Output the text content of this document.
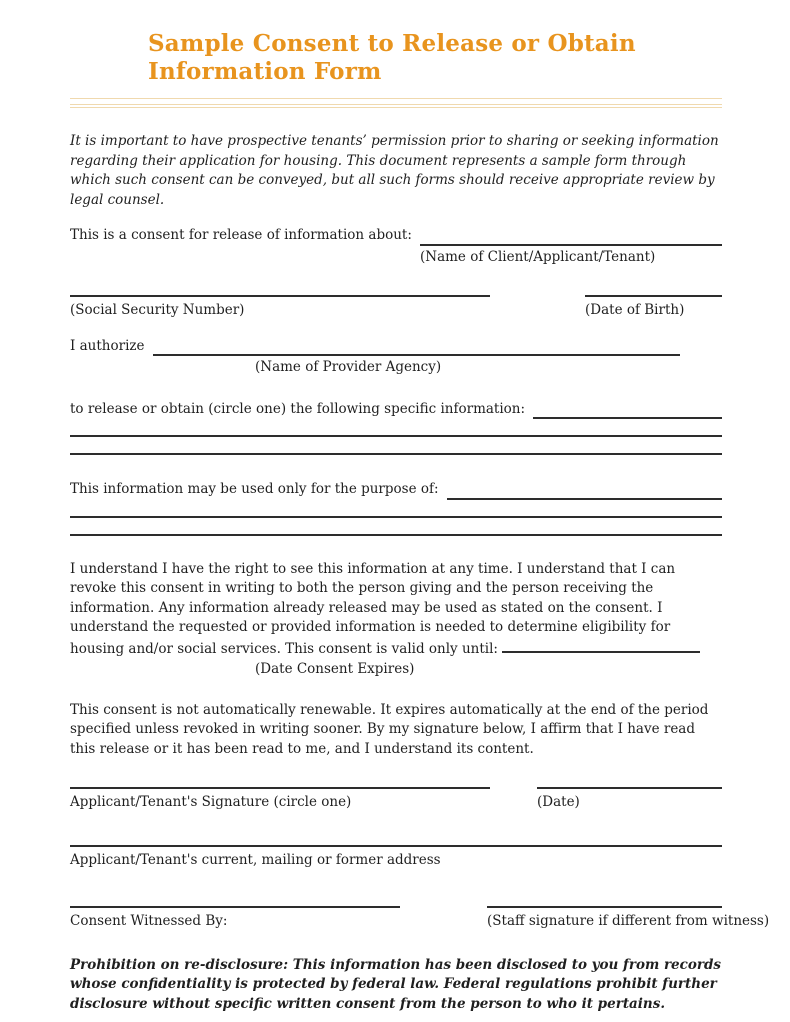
Sample Consent to Release or Obtain
Information Form

It is important to have prospective tenants’ permission prior to sharing or seeking information regarding their application for housing. This document represents a sample form through which such consent can be conveyed, but all such forms should receive appropriate review by legal counsel.

This is a consent for release of information about:
(Name of Client/Applicant/Tenant)
(Social Security Number)	(Date of Birth)
I authorize
(Name of Provider Agency)
to release or obtain (circle one) the following specific information:
This information may be used only for the purpose of:

I understand I have the right to see this information at any time. I understand that I can revoke this consent in writing to both the person giving and the person receiving the information. Any information already released may be used as stated on the consent. I understand the requested or provided information is needed to determine eligibility for housing and/or social services. This consent is valid only until:

(Date Consent Expires)

This consent is not automatically renewable. It expires automatically at the end of the period specified unless revoked in writing sooner. By my signature below, I affirm that I have read this release or it has been read to me, and I understand its content.

Applicant/Tenant's Signature (circle one)	(Date)
Applicant/Tenant's current, mailing or former address
Consent Witnessed By:	(Staff signature if different from witness)

Prohibition on re-disclosure: This information has been disclosed to you from records whose confidentiality is protected by federal law. Federal regulations prohibit further disclosure without specific written consent from the person to who it pertains.
